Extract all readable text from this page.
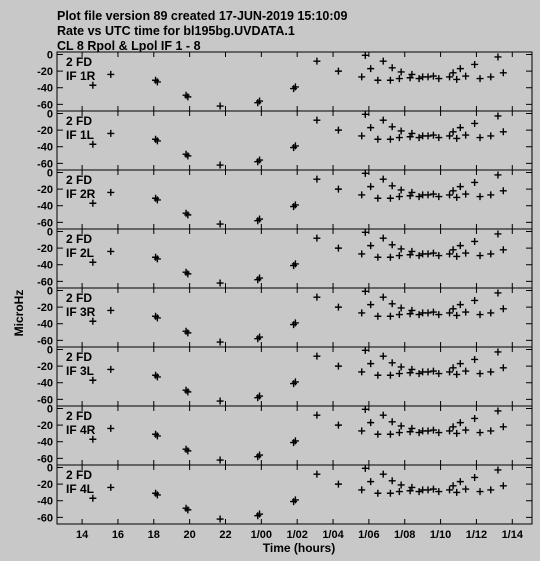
Plot file version 89 created 17-JUN-2019 15:10:09
Rate vs UTC time for bl195bg.UVDATA.1
CL 8 Rpol & Lpol IF 1 - 8
MicroHz
Time (hours)
0
-20
-40
-60
2 FD
IF 1R
0
-20
-40
-60
2 FD
IF 1L
0
-20
-40
-60
2 FD
IF 2R
0
-20
-40
-60
2 FD
IF 2L
0
-20
-40
-60
2 FD
IF 3R
0
-20
-40
-60
2 FD
IF 3L
0
-20
-40
-60
2 FD
IF 4R
0
-20
-40
-60
2 FD
IF 4L
14 16 18 20 22 1/00 1/02 1/04 1/06 1/08 1/10 1/12 1/14
